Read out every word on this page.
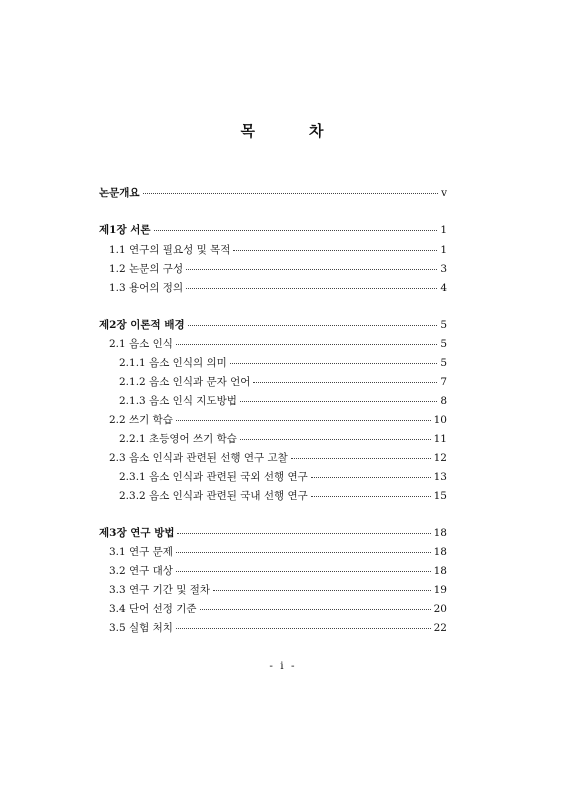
목	차
논문개요	v
제1장 서론	1
1.1 연구의 필요성 및 목적	1
1.2 논문의 구성	3
1.3 용어의 정의	4
제2장 이론적 배경	5
2.1 음소 인식	5
2.1.1 음소 인식의 의미	5
2.1.2 음소 인식과 문자 언어	7
2.1.3 음소 인식 지도방법	8
2.2 쓰기 학습	10
2.2.1 초등영어 쓰기 학습	11
2.3 음소 인식과 관련된 선행 연구 고찰	12
2.3.1 음소 인식과 관련된 국외 선행 연구	13
2.3.2 음소 인식과 관련된 국내 선행 연구	15
제3장 연구 방법	18
3.1 연구 문제	18
3.2 연구 대상	18
3.3 연구 기간 및 절차	19
3.4 단어 선정 기준	20
3.5 실험 처치	22
- i -
